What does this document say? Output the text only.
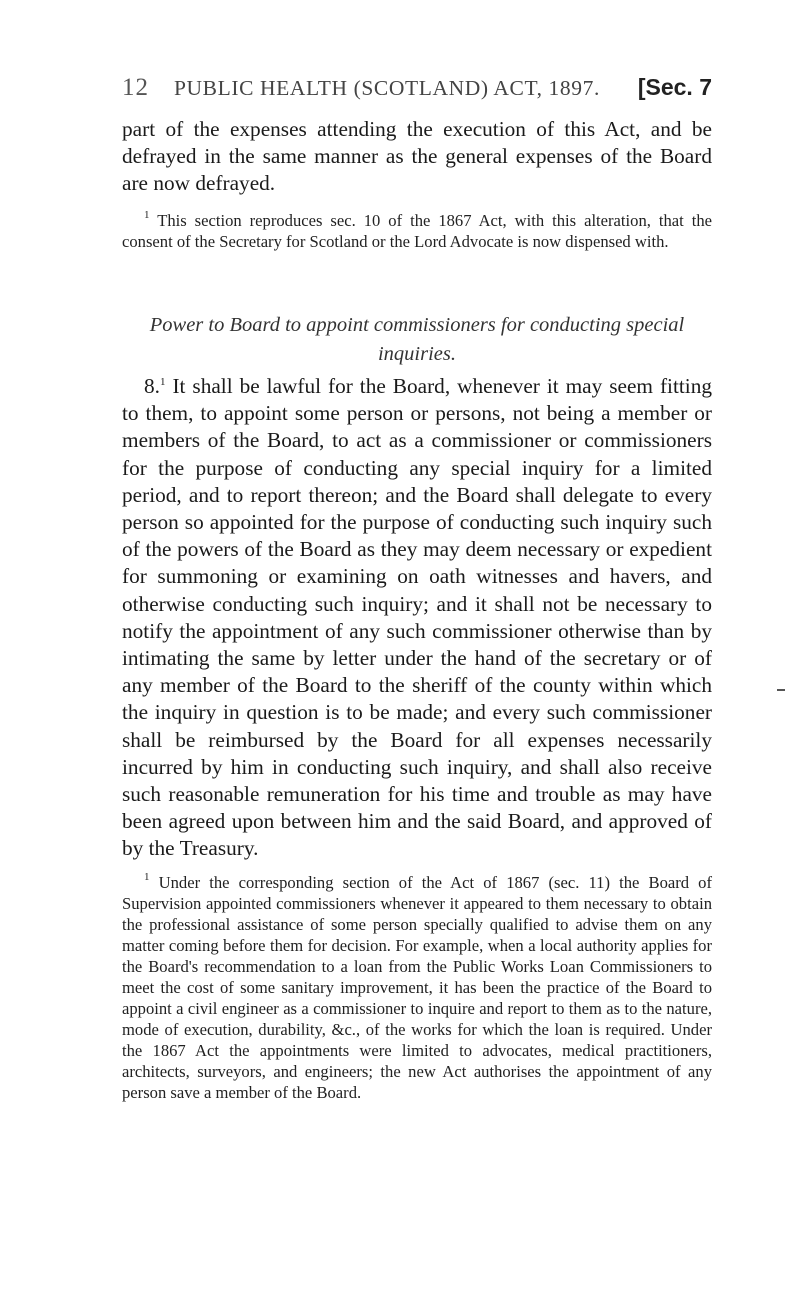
12 PUBLIC HEALTH (SCOTLAND) ACT, 1897. [Sec. 7

part of the expenses attending the execution of this Act, and be defrayed in the same manner as the general expenses of the Board are now defrayed.

$^1$ This section reproduces sec. 10 of the 1867 Act, with this alteration, that the consent of the Secretary for Scotland or the Lord Advocate is now dispensed with.

Power to Board to appoint commissioners for conducting special inquiries.

8.$^1$ It shall be lawful for the Board, whenever it may seem fitting to them, to appoint some person or persons, not being a member or members of the Board, to act as a commissioner or commissioners for the purpose of conducting any special inquiry for a limited period, and to report thereon; and the Board shall delegate to every person so appointed for the purpose of conducting such inquiry such of the powers of the Board as they may deem necessary or expedient for summoning or examining on oath witnesses and havers, and otherwise conducting such inquiry; and it shall not be necessary to notify the appointment of any such commissioner otherwise than by intimating the same by letter under the hand of the secretary or of any member of the Board to the sheriff of the county within which the inquiry in question is to be made; and every such commissioner shall be reimbursed by the Board for all expenses necessarily incurred by him in conducting such inquiry, and shall also receive such reasonable remuneration for his time and trouble as may have been agreed upon between him and the said Board, and approved of by the Treasury.

$^1$ Under the corresponding section of the Act of 1867 (sec. 11) the Board of Supervision appointed commissioners whenever it appeared to them necessary to obtain the professional assistance of some person specially qualified to advise them on any matter coming before them for decision. For example, when a local authority applies for the Board's recommendation to a loan from the Public Works Loan Commissioners to meet the cost of some sanitary improvement, it has been the practice of the Board to appoint a civil engineer as a commissioner to inquire and report to them as to the nature, mode of execution, durability, &c., of the works for which the loan is required. Under the 1867 Act the appointments were limited to advocates, medical practitioners, architects, surveyors, and engineers; the new Act authorises the appointment of any person save a member of the Board.
